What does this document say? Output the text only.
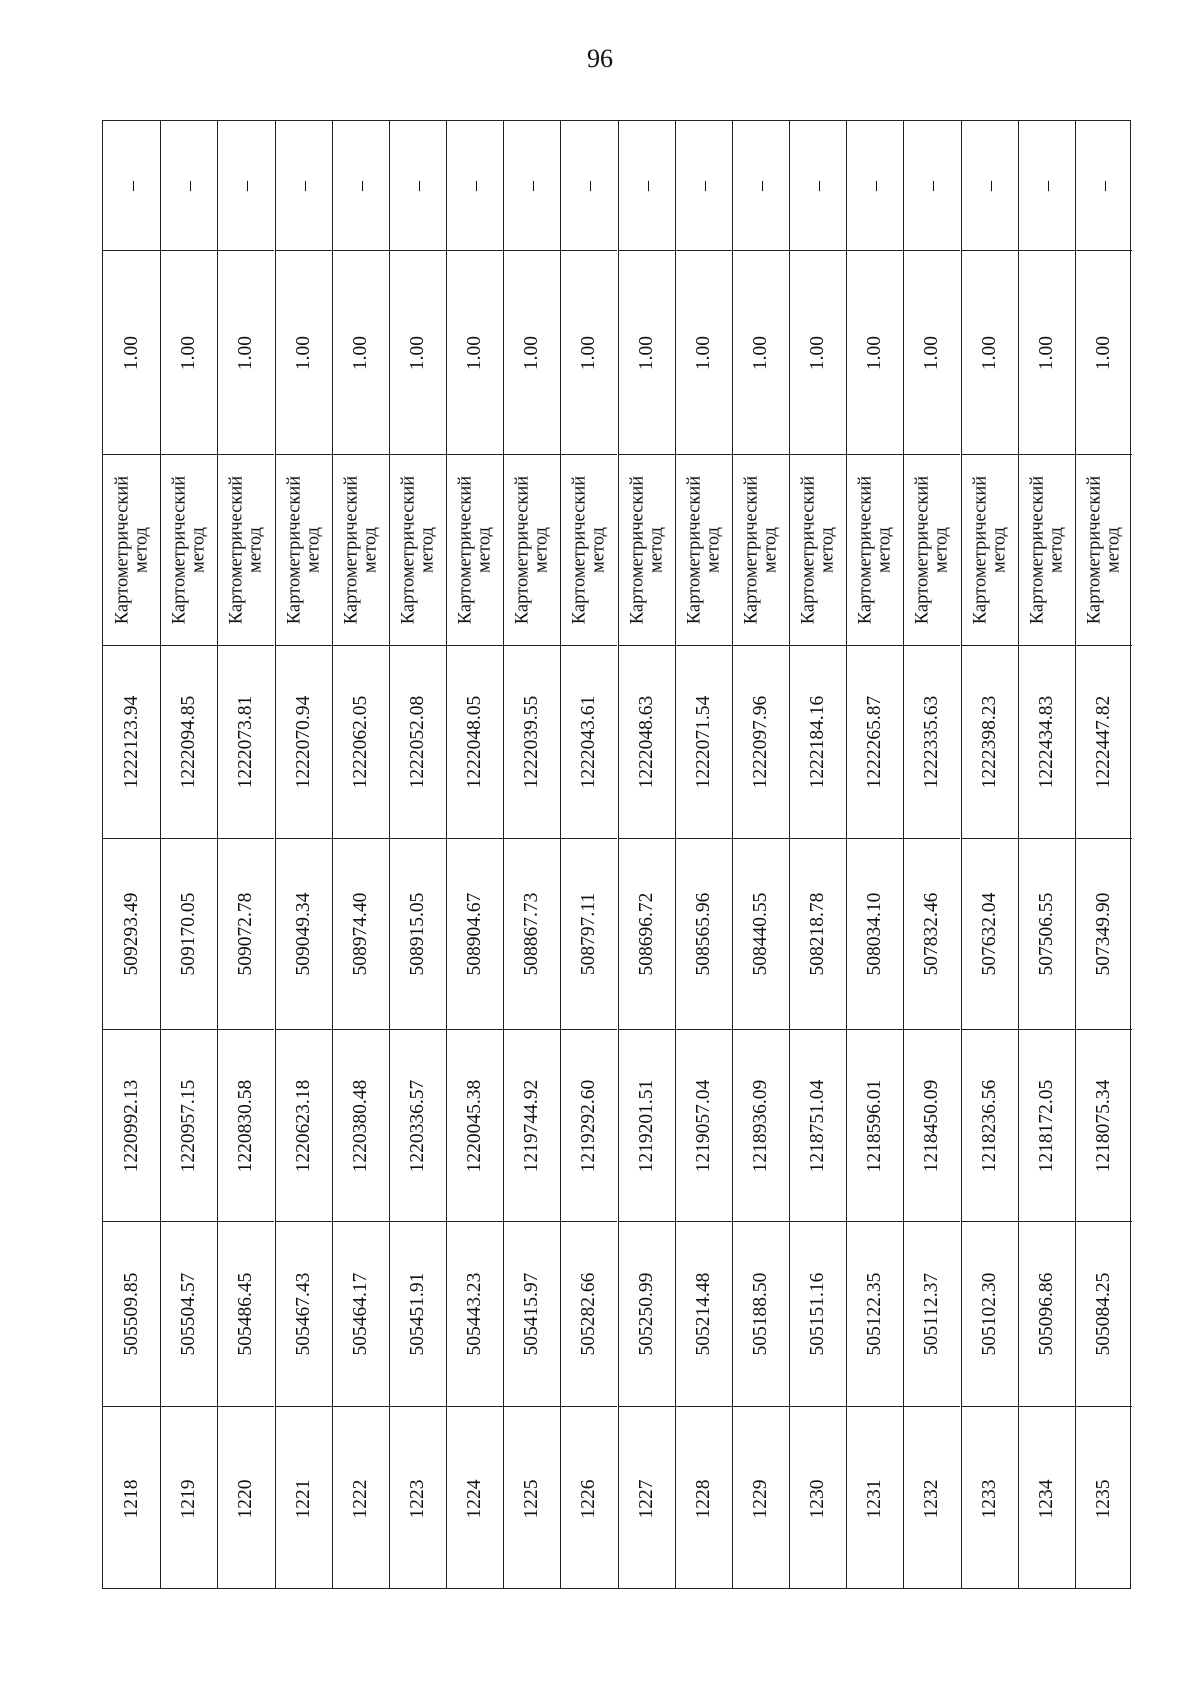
96
–
1.00
Картометрический
метод
1222123.94
509293.49
1220992.13
505509.85
1218
–
1.00
Картометрический
метод
1222094.85
509170.05
1220957.15
505504.57
1219
–
1.00
Картометрический
метод
1222073.81
509072.78
1220830.58
505486.45
1220
–
1.00
Картометрический
метод
1222070.94
509049.34
1220623.18
505467.43
1221
–
1.00
Картометрический
метод
1222062.05
508974.40
1220380.48
505464.17
1222
–
1.00
Картометрический
метод
1222052.08
508915.05
1220336.57
505451.91
1223
–
1.00
Картометрический
метод
1222048.05
508904.67
1220045.38
505443.23
1224
–
1.00
Картометрический
метод
1222039.55
508867.73
1219744.92
505415.97
1225
–
1.00
Картометрический
метод
1222043.61
508797.11
1219292.60
505282.66
1226
–
1.00
Картометрический
метод
1222048.63
508696.72
1219201.51
505250.99
1227
–
1.00
Картометрический
метод
1222071.54
508565.96
1219057.04
505214.48
1228
–
1.00
Картометрический
метод
1222097.96
508440.55
1218936.09
505188.50
1229
–
1.00
Картометрический
метод
1222184.16
508218.78
1218751.04
505151.16
1230
–
1.00
Картометрический
метод
1222265.87
508034.10
1218596.01
505122.35
1231
–
1.00
Картометрический
метод
1222335.63
507832.46
1218450.09
505112.37
1232
–
1.00
Картометрический
метод
1222398.23
507632.04
1218236.56
505102.30
1233
–
1.00
Картометрический
метод
1222434.83
507506.55
1218172.05
505096.86
1234
–
1.00
Картометрический
метод
1222447.82
507349.90
1218075.34
505084.25
1235
